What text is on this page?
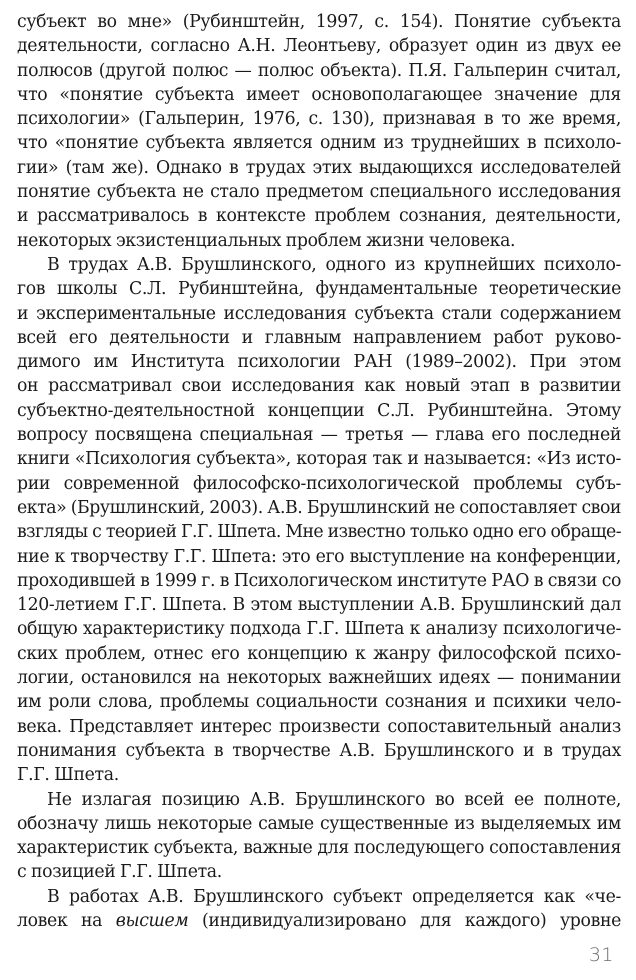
субъект во мне» (Рубинштейн, 1997, с. 154). Понятие субъекта

деятельности, согласно А.Н. Леонтьеву, образует один из двух ее

полюсов (другой полюс — полюс объекта). П.Я. Гальперин считал,

что «понятие субъекта имеет основополагающее значение для

психологии» (Гальперин, 1976, с. 130), признавая в то же время,

что «понятие субъекта является одним из труднейших в психоло-

гии» (там же). Однако в трудах этих выдающихся исследователей

понятие субъекта не стало предметом специального исследования

и рассматривалось в контексте проблем сознания, деятельности,

некоторых экзистенциальных проблем жизни человека.

В трудах А.В. Брушлинского, одного из крупнейших психоло-

гов школы С.Л. Рубинштейна, фундаментальные теоретические

и экспериментальные исследования субъекта стали содержанием

всей его деятельности и главным направлением работ руково-

димого им Института психологии РАН (1989–2002). При этом

он рассматривал свои исследования как новый этап в развитии

субъектно-деятельностной концепции С.Л. Рубинштейна. Этому

вопросу посвящена специальная — третья — глава его последней

книги «Психология субъекта», которая так и называется: «Из исто-

рии современной философско-психологической проблемы субъ-

екта» (Брушлинский, 2003). А.В. Брушлинский не сопоставляет свои

взгляды с теорией Г.Г. Шпета. Мне известно только одно его обраще-

ние к творчеству Г.Г. Шпета: это его выступление на конференции,

проходившей в 1999 г. в Психологическом институте РАО в связи со

120-летием Г.Г. Шпета. В этом выступлении А.В. Брушлинский дал

общую характеристику подхода Г.Г. Шпета к анализу психологиче-

ских проблем, отнес его концепцию к жанру философской психо-

логии, остановился на некоторых важнейших идеях — понимании

им роли слова, проблемы социальности сознания и психики чело-

века. Представляет интерес произвести сопоставительный анализ

понимания субъекта в творчестве А.В. Брушлинского и в трудах

Г.Г. Шпета.

Не излагая позицию А.В. Брушлинского во всей ее полноте,

обозначу лишь некоторые самые существенные из выделяемых им

характеристик субъекта, важные для последующего сопоставления

с позицией Г.Г. Шпета.

В работах А.В. Брушлинского субъект определяется как «че-

ловек на высшем (индивидуализировано для каждого) уровне

31
